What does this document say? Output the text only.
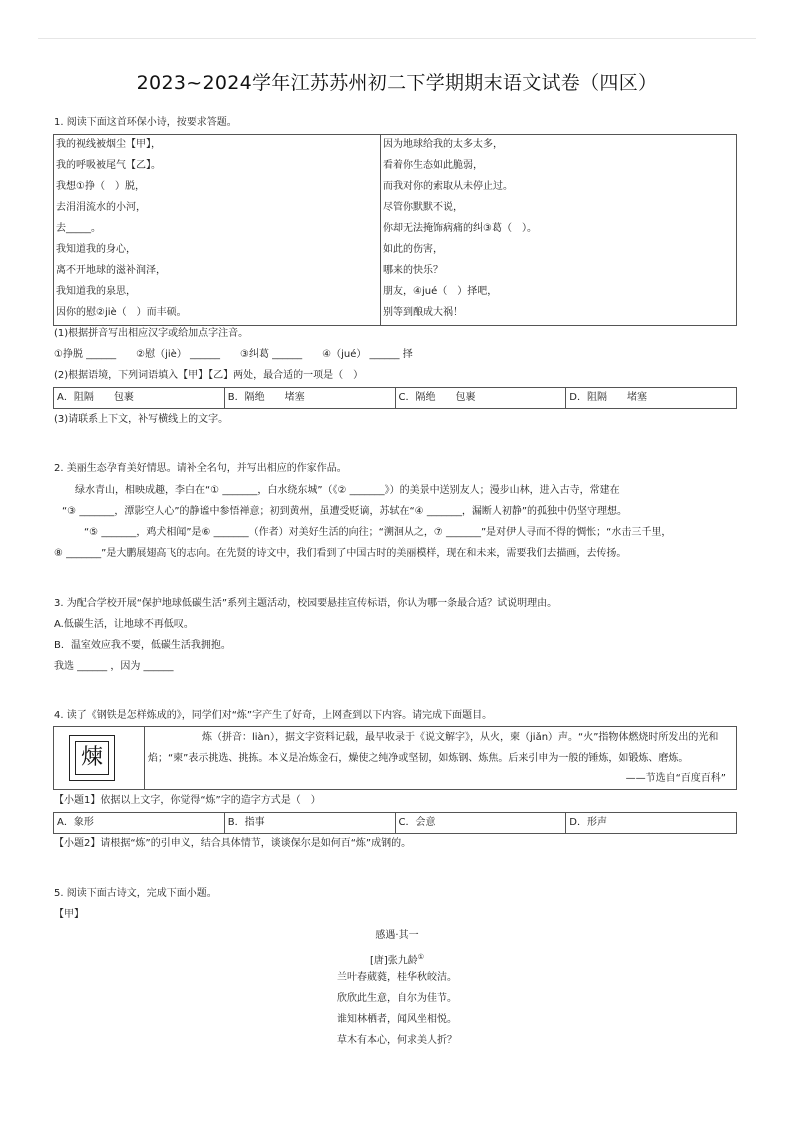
2023~2024学年江苏苏州初二下学期期末语文试卷（四区）
1. 阅读下面这首环保小诗，按要求答题。
我的视线被烟尘【甲】，
我的呼吸被尾气【乙】。
我想①挣（　）脱，
去涓涓流水的小河，
去_____。
我知道我的身心，
离不开地球的滋补润泽，
我知道我的泉思，
因你的慰②jiè（　）而丰硕。
因为地球给我的太多太多，
看着你生态如此脆弱，
而我对你的索取从未停止过。
尽管你默默不说，
你却无法掩饰病痛的纠③葛（　）。
如此的伤害，
哪来的快乐？
朋友，④jué（　）择吧，
别等到酿成大祸！
(1)根据拼音写出相应汉字或给加点字注音。
①挣脱 ______　　②慰（jiè） ______　　③纠葛 ______　　④（jué） ______ 择
(2)根据语境，下列词语填入【甲】【乙】两处，最合适的一项是（　）
A．阻隔　　包裹	B．隔绝　　堵塞	C．隔绝　　包裹	D．阻隔　　堵塞
(3)请联系上下文，补写横线上的文字。
2. 美丽生态孕育美好情思。请补全名句，并写出相应的作家作品。
绿水青山，相映成趣，李白在“① _______，白水绕东城”（《② _______》）的美景中送别友人；漫步山林，进入古寺，常建在
“③ _______，潭影空人心”的静谧中参悟禅意；初到黄州，虽遭受贬谪，苏轼在“④ _______，漏断人初静”的孤独中仍坚守理想。
“⑤ _______，鸡犬相闻”是⑥ _______（作者）对美好生活的向往；“溯洄从之，⑦ _______”是对伊人寻而不得的惆怅；“水击三千里，
⑧ _______”是大鹏展翅高飞的志向。在先贤的诗文中，我们看到了中国古时的美丽模样，现在和未来，需要我们去描画，去传扬。
3. 为配合学校开展“保护地球低碳生活”系列主题活动，校园要悬挂宣传标语，你认为哪一条最合适？试说明理由。
A.低碳生活，让地球不再低叹。
B．温室效应我不要，低碳生活我拥抱。
我选 ______ ，因为 ______
4. 读了《钢铁是怎样炼成的》，同学们对“炼”字产生了好奇，上网查到以下内容。请完成下面题目。
煉
炼（拼音：liàn），据文字资料记载，最早收录于《说文解字》，从火，柬（jiǎn）声。“火”指物体燃烧时所发出的光和
焰；“柬”表示挑选、挑拣。本义是冶炼金石，燥使之纯净或坚韧，如炼钢、炼焦。后来引申为一般的锤炼，如锻炼、磨炼。
——节选自“百度百科”
【小题1】依据以上文字，你觉得“炼”字的造字方式是（　）
A．象形	B．指事	C．会意	D．形声
【小题2】请根据“炼”的引申义，结合具体情节，谈谈保尔是如何百“炼”成钢的。
5. 阅读下面古诗文，完成下面小题。
【甲】
感遇·其一
[唐]张九龄①
兰叶春葳蕤，桂华秋皎洁。
欣欣此生意，自尔为佳节。
谁知林栖者，闻风坐相悦。
草木有本心，何求美人折？
